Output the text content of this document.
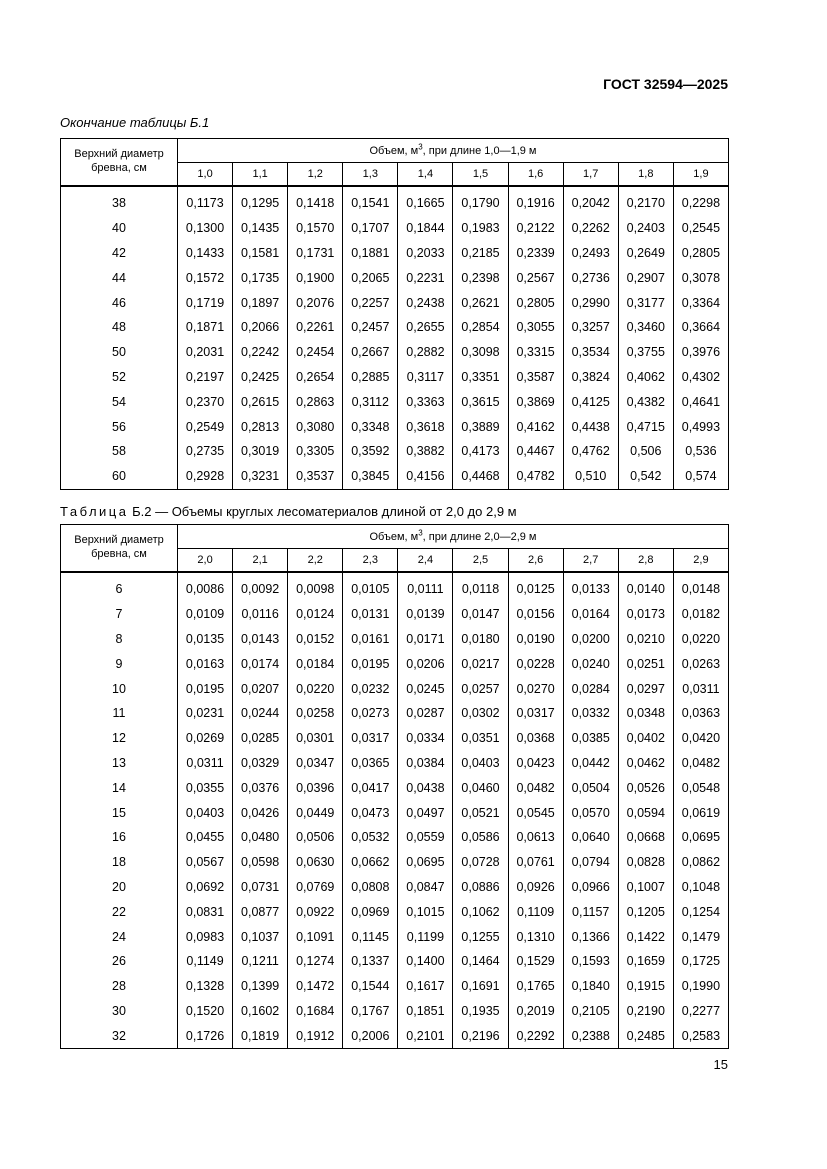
ГОСТ 32594—2025
Окончание таблицы Б.1
Верхний диаметр
бревна, см	Объем, $м^3$, при длине 1,0—1,9 м									
	1,0	1,1	1,2	1,3	1,4	1,5	1,6	1,7	1,8	1,9
38	0,1173	0,1295	0,1418	0,1541	0,1665	0,1790	0,1916	0,2042	0,2170	0,2298
40	0,1300	0,1435	0,1570	0,1707	0,1844	0,1983	0,2122	0,2262	0,2403	0,2545
42	0,1433	0,1581	0,1731	0,1881	0,2033	0,2185	0,2339	0,2493	0,2649	0,2805
44	0,1572	0,1735	0,1900	0,2065	0,2231	0,2398	0,2567	0,2736	0,2907	0,3078
46	0,1719	0,1897	0,2076	0,2257	0,2438	0,2621	0,2805	0,2990	0,3177	0,3364
48	0,1871	0,2066	0,2261	0,2457	0,2655	0,2854	0,3055	0,3257	0,3460	0,3664
50	0,2031	0,2242	0,2454	0,2667	0,2882	0,3098	0,3315	0,3534	0,3755	0,3976
52	0,2197	0,2425	0,2654	0,2885	0,3117	0,3351	0,3587	0,3824	0,4062	0,4302
54	0,2370	0,2615	0,2863	0,3112	0,3363	0,3615	0,3869	0,4125	0,4382	0,4641
56	0,2549	0,2813	0,3080	0,3348	0,3618	0,3889	0,4162	0,4438	0,4715	0,4993
58	0,2735	0,3019	0,3305	0,3592	0,3882	0,4173	0,4467	0,4762	0,506	0,536
60	0,2928	0,3231	0,3537	0,3845	0,4156	0,4468	0,4782	0,510	0,542	0,574
Таблица Б.2 — Объемы круглых лесоматериалов длиной от 2,0 до 2,9 м
Верхний диаметр
бревна, см	Объем, $м^3$, при длине 2,0—2,9 м									
	2,0	2,1	2,2	2,3	2,4	2,5	2,6	2,7	2,8	2,9
6	0,0086	0,0092	0,0098	0,0105	0,0111	0,0118	0,0125	0,0133	0,0140	0,0148
7	0,0109	0,0116	0,0124	0,0131	0,0139	0,0147	0,0156	0,0164	0,0173	0,0182
8	0,0135	0,0143	0,0152	0,0161	0,0171	0,0180	0,0190	0,0200	0,0210	0,0220
9	0,0163	0,0174	0,0184	0,0195	0,0206	0,0217	0,0228	0,0240	0,0251	0,0263
10	0,0195	0,0207	0,0220	0,0232	0,0245	0,0257	0,0270	0,0284	0,0297	0,0311
11	0,0231	0,0244	0,0258	0,0273	0,0287	0,0302	0,0317	0,0332	0,0348	0,0363
12	0,0269	0,0285	0,0301	0,0317	0,0334	0,0351	0,0368	0,0385	0,0402	0,0420
13	0,0311	0,0329	0,0347	0,0365	0,0384	0,0403	0,0423	0,0442	0,0462	0,0482
14	0,0355	0,0376	0,0396	0,0417	0,0438	0,0460	0,0482	0,0504	0,0526	0,0548
15	0,0403	0,0426	0,0449	0,0473	0,0497	0,0521	0,0545	0,0570	0,0594	0,0619
16	0,0455	0,0480	0,0506	0,0532	0,0559	0,0586	0,0613	0,0640	0,0668	0,0695
18	0,0567	0,0598	0,0630	0,0662	0,0695	0,0728	0,0761	0,0794	0,0828	0,0862
20	0,0692	0,0731	0,0769	0,0808	0,0847	0,0886	0,0926	0,0966	0,1007	0,1048
22	0,0831	0,0877	0,0922	0,0969	0,1015	0,1062	0,1109	0,1157	0,1205	0,1254
24	0,0983	0,1037	0,1091	0,1145	0,1199	0,1255	0,1310	0,1366	0,1422	0,1479
26	0,1149	0,1211	0,1274	0,1337	0,1400	0,1464	0,1529	0,1593	0,1659	0,1725
28	0,1328	0,1399	0,1472	0,1544	0,1617	0,1691	0,1765	0,1840	0,1915	0,1990
30	0,1520	0,1602	0,1684	0,1767	0,1851	0,1935	0,2019	0,2105	0,2190	0,2277
32	0,1726	0,1819	0,1912	0,2006	0,2101	0,2196	0,2292	0,2388	0,2485	0,2583
15
